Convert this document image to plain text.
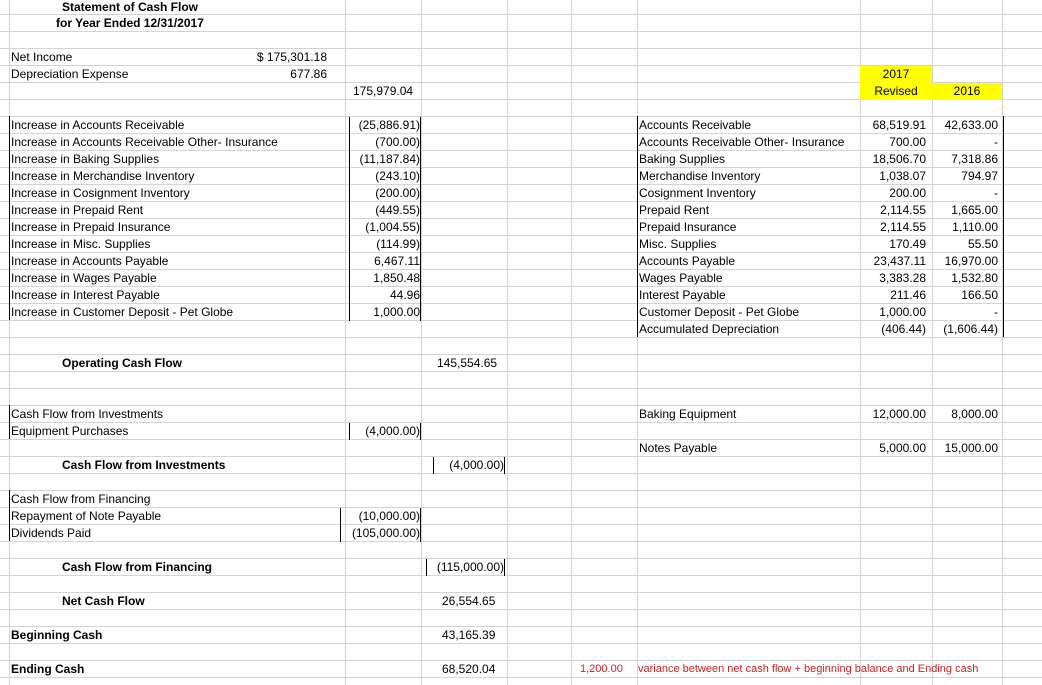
Statement of Cash Flow
for Year Ended 12/31/2017
Net Income	$ 175,301.18
Depreciation Expense	677.86
175,979.04
2017
Revised	2016
Increase in Accounts Receivable	(25,886.91)
Increase in Accounts Receivable Other- Insurance	(700.00)
Increase in Baking Supplies	(11,187.84)
Increase in Merchandise Inventory	(243.10)
Increase in Cosignment Inventory	(200.00)
Increase in Prepaid Rent	(449.55)
Increase in Prepaid Insurance	(1,004.55)
Increase in Misc. Supplies	(114.99)
Increase in Accounts Payable	6,467.11
Increase in Wages Payable	1,850.48
Increase in Interest Payable	44.96
Increase in Customer Deposit - Pet Globe	1,000.00
Accounts Receivable	68,519.91	42,633.00
Accounts Receivable Other- Insurance	700.00	-
Baking Supplies	18,506.70	7,318.86
Merchandise Inventory	1,038.07	794.97
Cosignment Inventory	200.00	-
Prepaid Rent	2,114.55	1,665.00
Prepaid Insurance	2,114.55	1,110.00
Misc. Supplies	170.49	55.50
Accounts Payable	23,437.11	16,970.00
Wages Payable	3,383.28	1,532.80
Interest Payable	211.46	166.50
Customer Deposit - Pet Globe	1,000.00	-
Accumulated Depreciation	(406.44)	(1,606.44)
Operating Cash Flow	145,554.65
Cash Flow from Investments
Equipment Purchases	(4,000.00)
Baking Equipment	12,000.00	8,000.00
Notes Payable	5,000.00	15,000.00
Cash Flow from Investments	(4,000.00)
Cash Flow from Financing
Repayment of Note Payable	(10,000.00)
Dividends Paid	(105,000.00)
Cash Flow from Financing	(115,000.00)
Net Cash Flow	26,554.65
Beginning Cash	43,165.39
Ending Cash	68,520.04	1,200.00 variance between net cash flow + beginning balance and Ending cash
